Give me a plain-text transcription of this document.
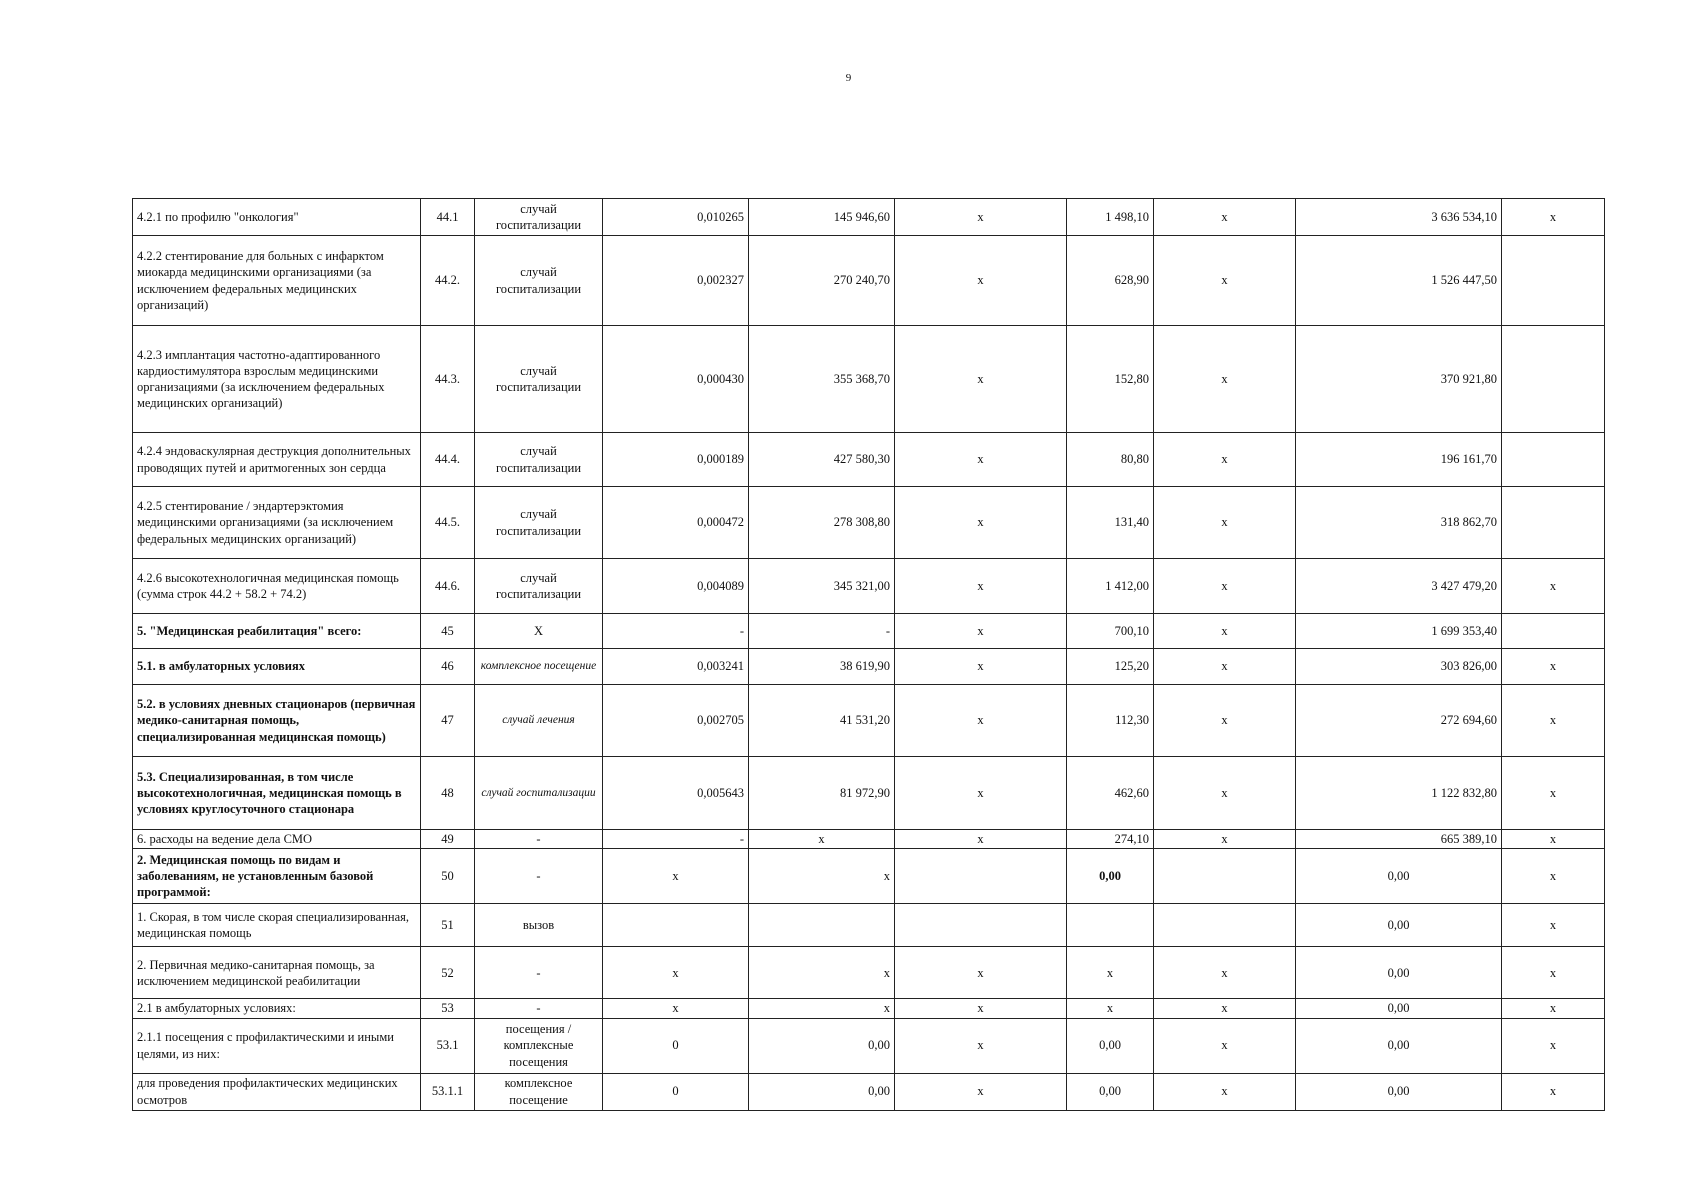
9
4.2.1 по профилю "онкология"	44.1	случай госпитализации	0,010265	145 946,60	х	1 498,10	х	3 636 534,10	х
4.2.2 стентирование для больных с инфарктом миокарда медицинскими организациями (за исключением федеральных медицинских организаций)	44.2.	случай госпитализации	0,002327	270 240,70	х	628,90	х	1 526 447,50	
4.2.3 имплантация частотно-адаптированного кардиостимулятора взрослым медицинскими организациями (за исключением федеральных медицинских организаций)	44.3.	случай госпитализации	0,000430	355 368,70	х	152,80	х	370 921,80	
4.2.4 эндоваскулярная деструкция дополнительных проводящих путей и аритмогенных зон сердца	44.4.	случай госпитализации	0,000189	427 580,30	х	80,80	х	196 161,70	
4.2.5 стентирование / эндартерэктомия медицинскими организациями (за исключением федеральных медицинских организаций)	44.5.	случай госпитализации	0,000472	278 308,80	х	131,40	х	318 862,70	
4.2.6 высокотехнологичная медицинская помощь (сумма строк 44.2 + 58.2 + 74.2)	44.6.	случай госпитализации	0,004089	345 321,00	х	1 412,00	х	3 427 479,20	х
5. "Медицинская реабилитация" всего:	45	Х	-	-	х	700,10	х	1 699 353,40	
5.1. в амбулаторных условиях	46	комплексное посещение	0,003241	38 619,90	х	125,20	х	303 826,00	х
5.2. в условиях дневных стационаров (первичная медико-санитарная помощь, специализированная медицинская помощь)	47	случай лечения	0,002705	41 531,20	х	112,30	х	272 694,60	х
5.3. Специализированная, в том числе высокотехнологичная, медицинская помощь в условиях круглосуточного стационара	48	случай госпитализации	0,005643	81 972,90	х	462,60	х	1 122 832,80	х
6. расходы на ведение дела СМО	49	-	-	х	х	274,10	х	665 389,10	х
2. Медицинская помощь по видам и заболеваниям, не установленным базовой программой:	50	-	х	х		0,00		0,00	х
1. Скорая, в том числе скорая специализированная, медицинская помощь	51	вызов						0,00	х
2. Первичная медико-санитарная помощь, за исключением медицинской реабилитации	52	-	х	х	х	х	х	0,00	х
2.1 в амбулаторных условиях:	53	-	х	х	х	х	х	0,00	х
2.1.1 посещения с профилактическими и иными целями, из них:	53.1	посещения / комплексные посещения	0	0,00	х	0,00	х	0,00	х
для проведения профилактических медицинских осмотров	53.1.1	комплексное посещение	0	0,00	х	0,00	х	0,00	х
